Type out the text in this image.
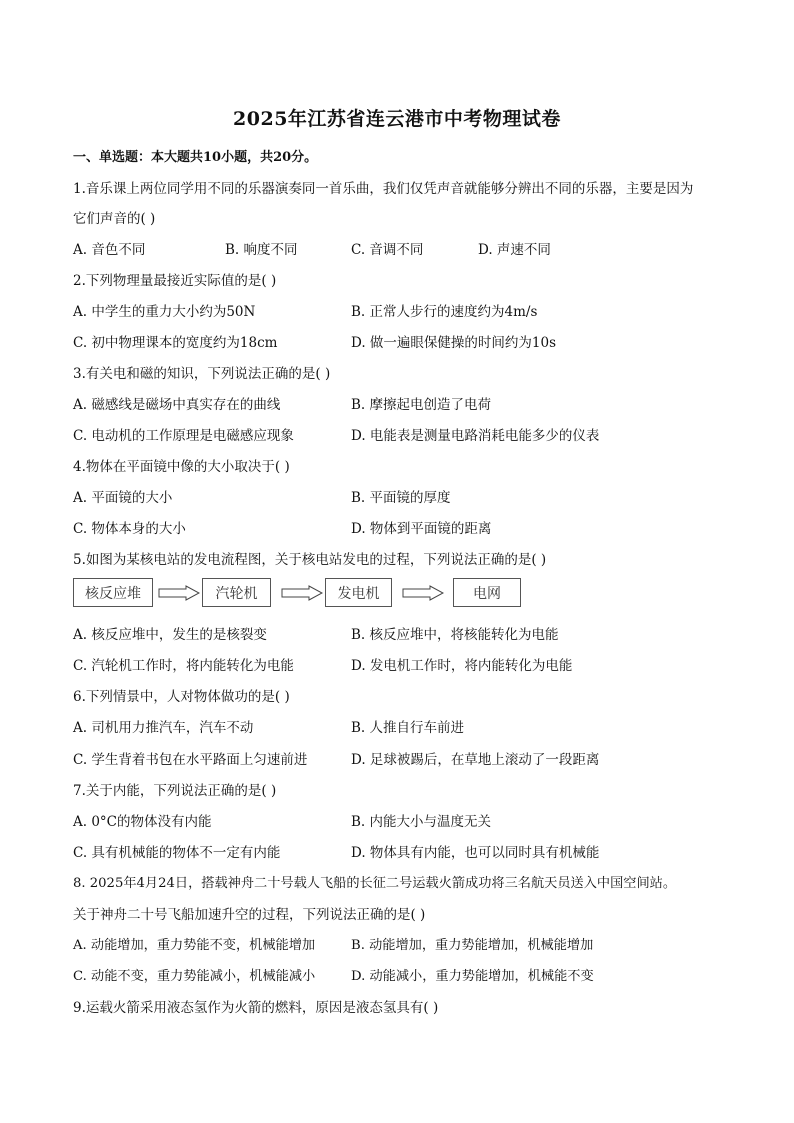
2025年江苏省连云港市中考物理试卷
一、单选题：本大题共10小题，共20分。
1.音乐课上两位同学用不同的乐器演奏同一首乐曲，我们仅凭声音就能够分辨出不同的乐器，主要是因为
它们声音的( )
A. 音色不同	B. 响度不同	C. 音调不同	D. 声速不同
2.下列物理量最接近实际值的是( )
A. 中学生的重力大小约为50N	B. 正常人步行的速度约为4m/s
C. 初中物理课本的宽度约为18cm	D. 做一遍眼保健操的时间约为10s
3.有关电和磁的知识，下列说法正确的是( )
A. 磁感线是磁场中真实存在的曲线	B. 摩擦起电创造了电荷
C. 电动机的工作原理是电磁感应现象	D. 电能表是测量电路消耗电能多少的仪表
4.物体在平面镜中像的大小取决于( )
A. 平面镜的大小	B. 平面镜的厚度
C. 物体本身的大小	D. 物体到平面镜的距离
5.如图为某核电站的发电流程图，关于核电站发电的过程，下列说法正确的是( )
核反应堆	汽轮机	发电机	电网
A. 核反应堆中，发生的是核裂变	B. 核反应堆中，将核能转化为电能
C. 汽轮机工作时，将内能转化为电能	D. 发电机工作时，将内能转化为电能
6.下列情景中，人对物体做功的是( )
A. 司机用力推汽车，汽车不动	B. 人推自行车前进
C. 学生背着书包在水平路面上匀速前进	D. 足球被踢后，在草地上滚动了一段距离
7.关于内能，下列说法正确的是( )
A. 0°C的物体没有内能	B. 内能大小与温度无关
C. 具有机械能的物体不一定有内能	D. 物体具有内能，也可以同时具有机械能
8. 2025年4月24日，搭载神舟二十号载人飞船的长征二号运载火箭成功将三名航天员送入中国空间站。
关于神舟二十号飞船加速升空的过程，下列说法正确的是( )
A. 动能增加，重力势能不变，机械能增加	B. 动能增加，重力势能增加，机械能增加
C. 动能不变，重力势能减小，机械能减小	D. 动能减小，重力势能增加，机械能不变
9.运载火箭采用液态氢作为火箭的燃料，原因是液态氢具有( )
